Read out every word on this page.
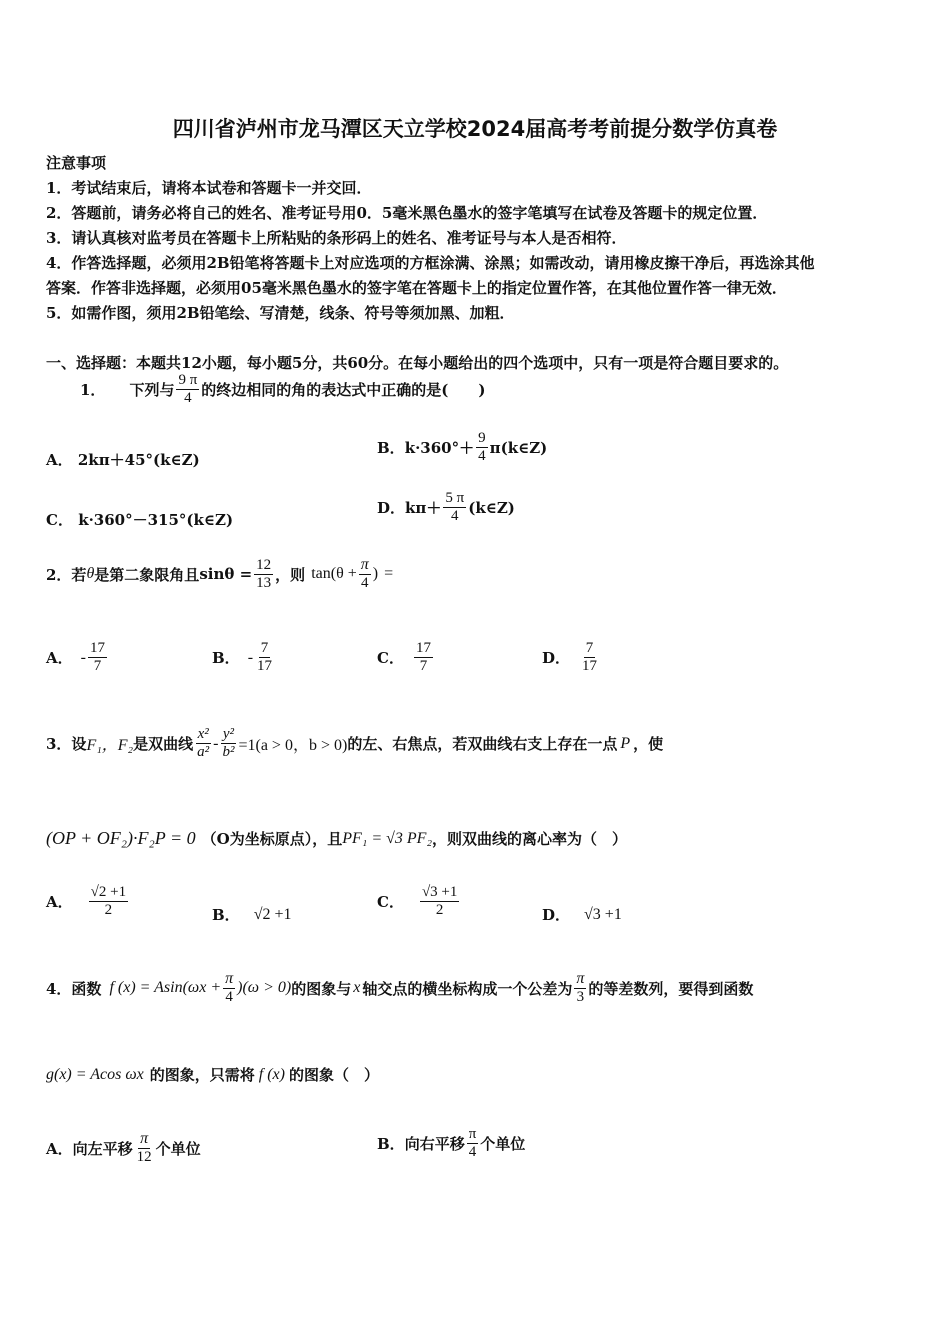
四川省泸州市龙马潭区天立学校2024届高考考前提分数学仿真卷
注意事项
1．考试结束后，请将本试卷和答题卡一并交回．
2．答题前，请务必将自己的姓名、准考证号用0．5毫米黑色墨水的签字笔填写在试卷及答题卡的规定位置．
3．请认真核对监考员在答题卡上所粘贴的条形码上的姓名、准考证号与本人是否相符．
4．作答选择题，必须用2B铅笔将答题卡上对应选项的方框涂满、涂黑；如需改动，请用橡皮擦干净后，再选涂其他
答案．作答非选择题，必须用05毫米黑色墨水的签字笔在答题卡上的指定位置作答，在其他位置作答一律无效．
5．如需作图，须用2B铅笔绘、写清楚，线条、符号等须加黑、加粗．
一、选择题：本题共12小题，每小题5分，共60分。在每小题给出的四个选项中，只有一项是符合题目要求的。
1． 下列与 $\frac{9 \pi}{4}$ 的终边相同的角的表达式中正确的是(　　)
A． 2kπ＋45°(k∈Z)
B． $k\cdot 360^\circ+ \frac{9}{4}$ π(k∈Z)
C． k·360°－315°(k∈Z)
D． $k\pi+ \frac{5 \pi}{4}$ (k∈Z)
2．若 θ 是第二象限角且 $\sin\theta = \frac{12}{13}$ ，则 $\tan(\theta + \frac{\pi}{4}$ ) =
A． - $\frac{17}{7}$	B． - $\frac{7}{17}$	C． $\frac{17}{7}$	D． $\frac{7}{17}$
3．设 F₁，F₂ 是双曲线 $\frac{\text{x²}}{\text{a²}} - \frac{\text{y²}}{\text{b²}} =1(a > 0$，b > 0) 的左、右焦点，若双曲线右支上存在一点 P ，使
(OP + OF₂)·F₂P = 0 （O为坐标原点），且 PF₁ = √3 PF₂ ，则双曲线的离心率为（　）
A． $\frac{√2 +1}{2}$	B． √2 +1
C． $\frac{√3 +1}{2}$	D． √3 +1
4．函数 f $(x) = Asin(\omega x + \frac{\pi}{4} )(\omega > 0)$ 的图象与 x 轴交点的横坐标构成一个公差为 $\frac{\pi}{3}$ 的等差数列，要得到函数
g(x) = Acos ωx 的图象，只需将 f (x) 的图象（　）
A． 向左平移 $\frac{\pi}{12}$ 个单位	B． 向右平移 $\frac{\pi}{4}$ 个单位
